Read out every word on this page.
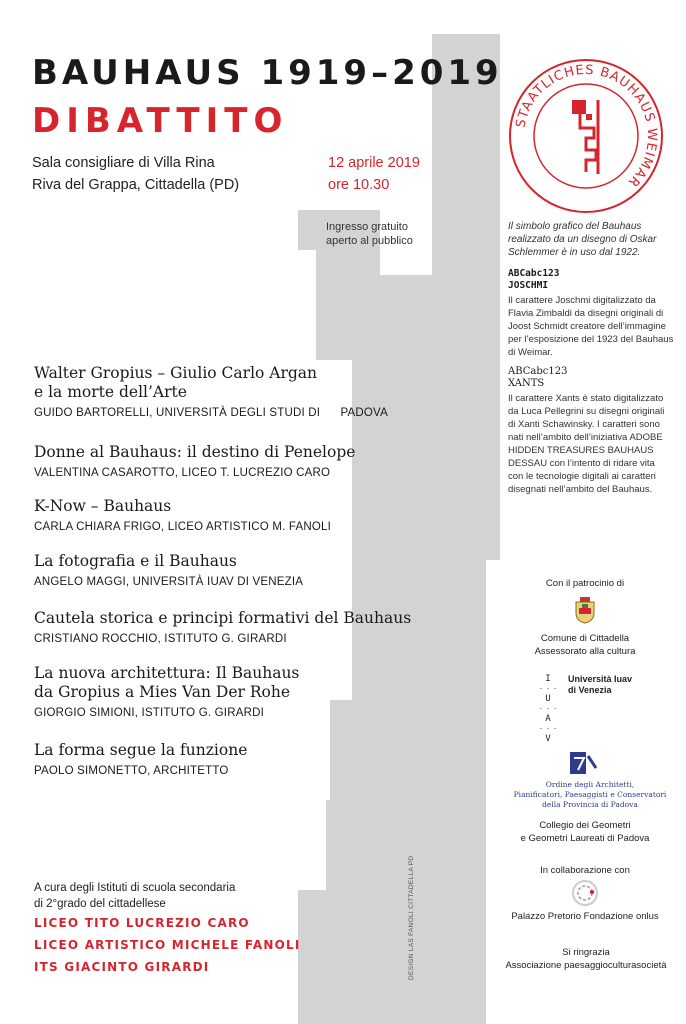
BAUHAUS 1919–2019
DIBATTITO
Sala consigliare di Villa Rina
Riva del Grappa, Cittadella (PD)
12 aprile 2019
ore 10.30
Ingresso gratuito
aperto al pubblico
Walter Gropius – Giulio Carlo Argan
e la morte dell’Arte
GUIDO BARTORELLI, UNIVERSITÀ DEGLI STUDI DI      PADOVA
Donne al Bauhaus: il destino di Penelope
VALENTINA CASAROTTO, LICEO T. LUCREZIO CARO
K-Now – Bauhaus
CARLA CHIARA FRIGO, LICEO ARTISTICO M. FANOLI
La fotografia e il Bauhaus
ANGELO MAGGI, UNIVERSITÀ IUAV DI VENEZIA
Cautela storica e principi formativi del Bauhaus
CRISTIANO ROCCHIO, ISTITUTO G. GIRARDI
La nuova architettura: Il Bauhaus
da Gropius a Mies Van Der Rohe
GIORGIO SIMIONI, ISTITUTO G. GIRARDI
La forma segue la funzione
PAOLO SIMONETTO, ARCHITETTO
STAATLICHES BAUHAUS WEIMAR
Il simbolo grafico del Bauhaus
realizzato da un disegno di Oskar
Schlemmer è in uso dal 1922.
ABCabc123
JOSCHMI
Il carattere Joschmi digitalizzato da
Flavia Zimbaldi da disegni originali di
Joost Schmidt creatore dell’immagine
per l’esposizione del 1923 del Bauhaus
di Weimar.
ABCabc123
XANTS
Il carattere Xants è stato digitalizzato
da Luca Pellegrini su disegni originali
di Xanti Schawinsky. I caratteri sono
nati nell’ambito dell’iniziativa ADOBE
HIDDEN TREASURES BAUHAUS
DESSAU con l’intento di ridare vita
con le tecnologie digitali ai caratteri
disegnati nell’ambito del Bauhaus.
Con il patrocinio di
Comune di Cittadella
Assessorato alla cultura
I
- - -
U
- - -
A
- - -
V
Università Iuav
di Venezia
Ordine degli Architetti,
Pianificatori, Paesaggisti e Conservatori
della Provincia di Padova
Collegio dei Geometri
e Geometri Laureati di Padova
In collaborazione con
Palazzo Pretorio Fondazione onlus
Si ringrazia
Associazione paesaggioculturasocietà
A cura degli Istituti di scuola secondaria
di 2°grado del cittadellese
LICEO TITO LUCREZIO CARO
LICEO ARTISTICO MICHELE FANOLI
ITS GIACINTO GIRARDI	DESIGN LAS FANOLI CITTADELLA PD
